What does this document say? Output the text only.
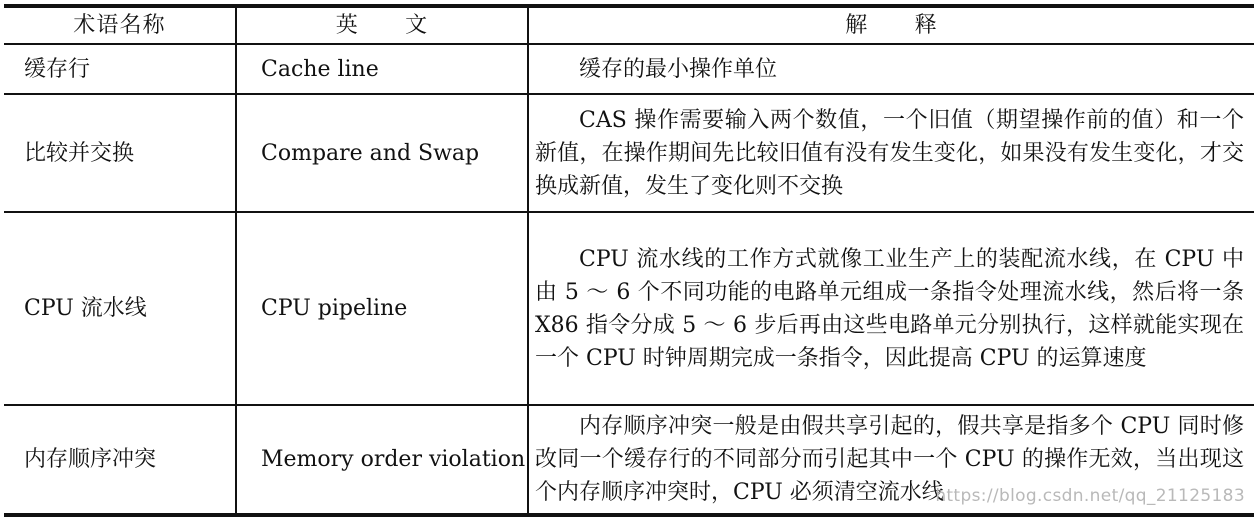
术语名称	英　　文	解　　释
缓存行	Cache line	缓存的最小操作单位

比较并交换	Compare and Swap	CAS 操作需要输入两个数值，一个旧值（期望操作前的值）和一个新值，在操作期间先比较旧值有没有发生变化，如果没有发生变化，才交换成新值，发生了变化则不交换

CPU 流水线	CPU pipeline	CPU 流水线的工作方式就像工业生产上的装配流水线，在 CPU 中由 5 ～ 6 个不同功能的电路单元组成一条指令处理流水线，然后将一条 X86 指令分成 5 ～ 6 步后再由这些电路单元分别执行，这样就能实现在一个 CPU 时钟周期完成一条指令，因此提高 CPU 的运算速度

内存顺序冲突	Memory order violation	内存顺序冲突一般是由假共享引起的，假共享是指多个 CPU 同时修改同一个缓存行的不同部分而引起其中一个 CPU 的操作无效，当出现这个内存顺序冲突时，CPU 必须清空流水线
https://blog.csdn.net/qq_21125183
